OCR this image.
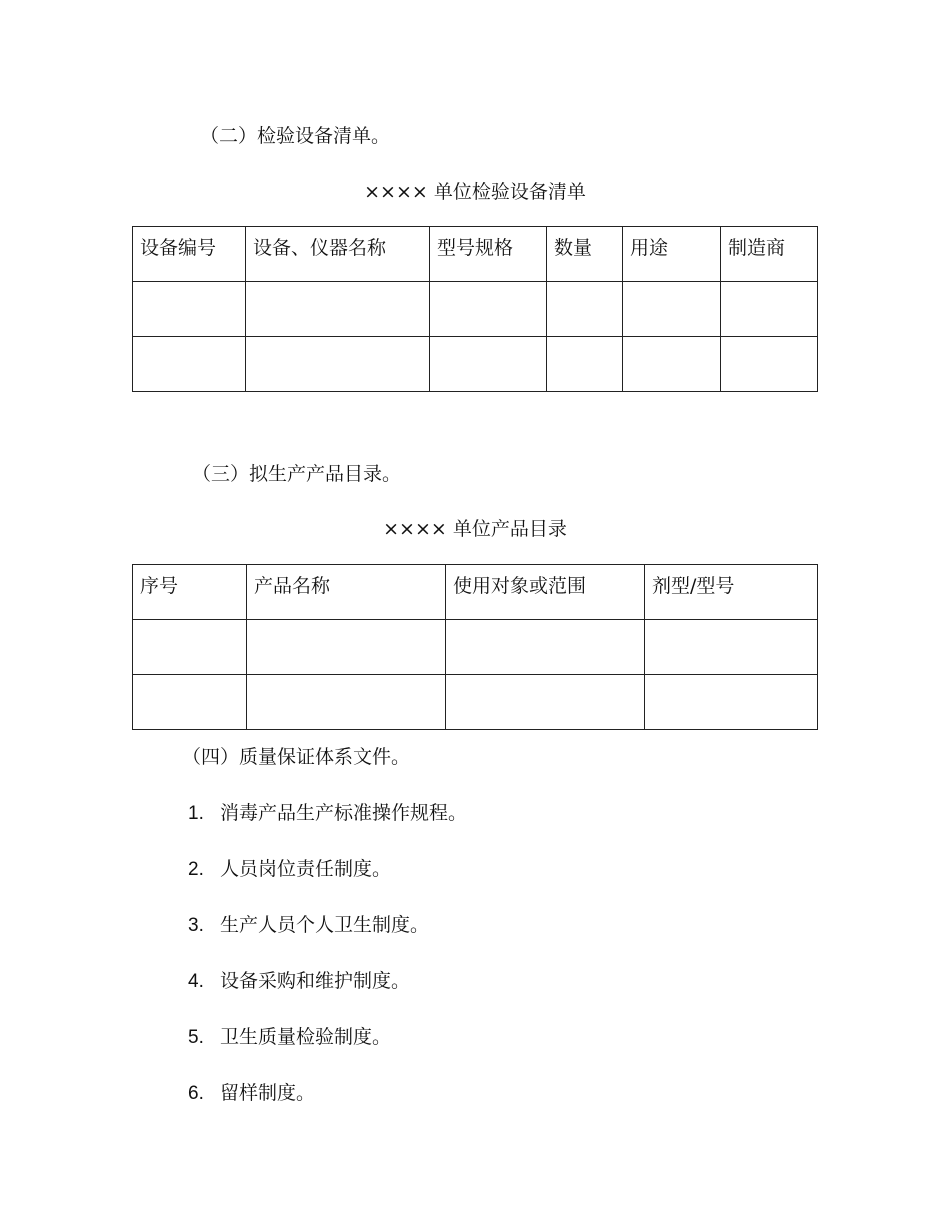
（二）检验设备清单。
×××× 单位检验设备清单
设备编号	设备、仪器名称	型号规格	数量	用途	制造商

（三）拟生产产品目录。
×××× 单位产品目录
序号	产品名称	使用对象或范围	剂型/型号

（四）质量保证体系文件。
1. 消毒产品生产标准操作规程。
2. 人员岗位责任制度。
3. 生产人员个人卫生制度。
4. 设备采购和维护制度。
5. 卫生质量检验制度。
6. 留样制度。
